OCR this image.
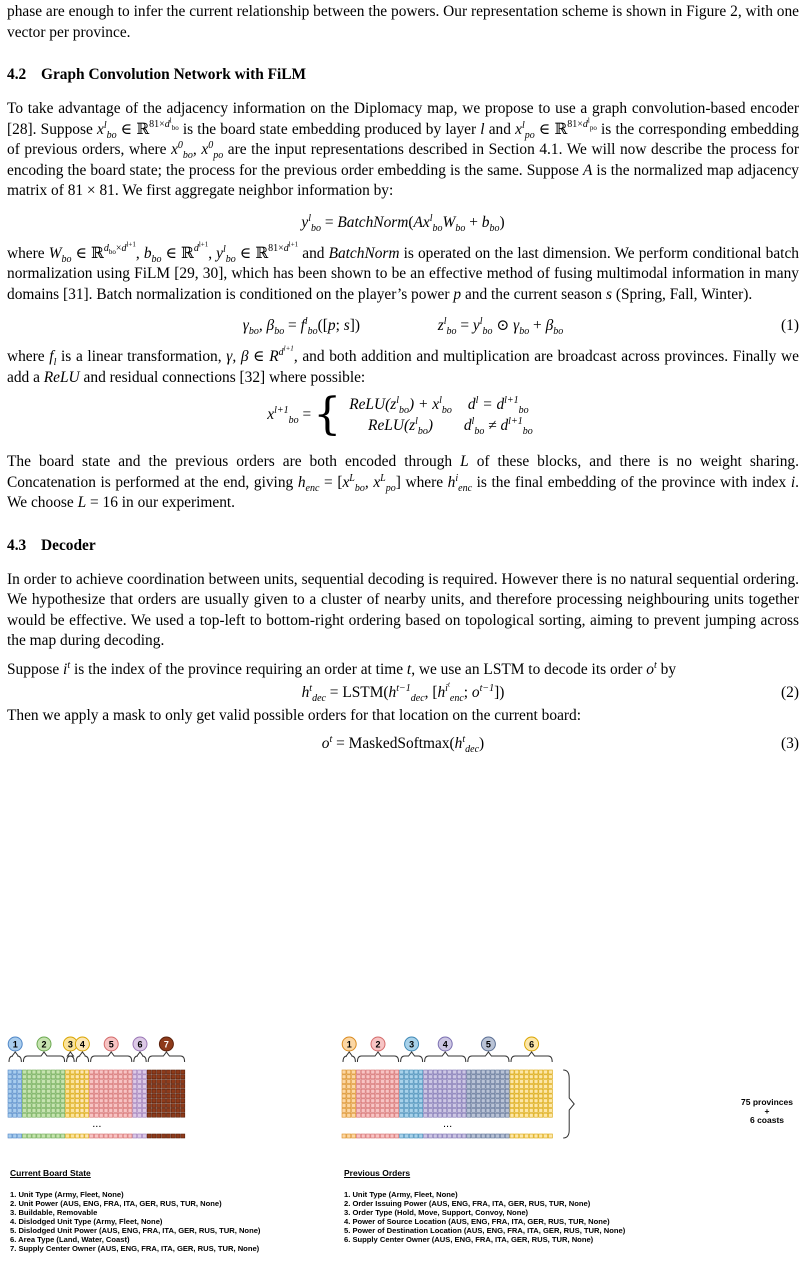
phase are enough to infer the current relationship between the powers. Our representation scheme is shown in Figure 2, with one vector per province.

4.2 Graph Convolution Network with FiLM

To take advantage of the adjacency information on the Diplomacy map, we propose to use a graph convolution-based encoder [28]. Suppose $x^l_{bo}$ ∈ ℝ$^{81\times d^l_{bo}}$ is the board state embedding produced by layer l and $x^l_{po}$ ∈ ℝ$^{81\times d^l_{po}}$ is the corresponding embedding of previous orders, where $x^0_{bo}$, $x^0_{po}$ are the input representations described in Section 4.1. We will now describe the process for encoding the board state; the process for the previous order embedding is the same. Suppose A is the normalized map adjacency matrix of 81 × 81. We first aggregate neighbor information by:

$y^l_{bo}$ = $BatchNorm(Ax^l_{bo}W_{bo} + b_{bo})$

where $W_{bo}$ ∈ ℝ$^{d_{bo}\times d^{l+1}}$, $b_{bo}$ ∈ ℝ$^{d^{l+1}}$, $y^l_{bo}$ ∈ ℝ$^{81\times d^{l+1}}$ and BatchNorm is operated on the last dimension. We perform conditional batch normalization using FiLM [29, 30], which has been shown to be an effective method of fusing multimodal information in many domains [31]. Batch normalization is conditioned on the player’s power p and the current season s (Spring, Fall, Winter).

$\gamma_{bo}$, $\beta_{bo} = f^l_{bo}([p$; s])	$z^l_{bo} = y^l_{bo}$ ⊙ $\gamma_{bo} + \beta_{bo}$	(1)

where $f_l$ is a linear transformation, γ, β ∈ $R^{d^{l+1}}$, and both addition and multiplication are broadcast across provinces. Finally we add a ReLU and residual connections [32] where possible:

$x^{l+1}_{bo}$ = { $ReLU(z^l_{bo}) + x^l_{bo}$	$d^l = d^{l+1}_{bo}$
$ReLU(z^l_{bo})$	$d^l_{bo} \ne d^{l+1}_{bo}$

The board state and the previous orders are both encoded through L of these blocks, and there is no weight sharing. Concatenation is performed at the end, giving $h_{enc} = [x^L_{bo}$, $x^L_{po}$] where $h^i_{enc}$ is the final embedding of the province with index i. We choose L = 16 in our experiment.

4.3 Decoder

In order to achieve coordination between units, sequential decoding is required. However there is no natural sequential ordering. We hypothesize that orders are usually given to a cluster of nearby units, and therefore processing neighbouring units together would be effective. We used a top-left to bottom-right ordering based on topological sorting, aiming to prevent jumping across the map during decoding.

Suppose $i^t$ is the index of the province requiring an order at time t, we use an LSTM to decode its order $o^t$ by

$h^t_{dec}$ = $LSTM(h^{t-1}_{dec}$, [$h^{i^t}_{enc}$; $o^{t-1}$])	(2)

Then we apply a mask to only get valid possible orders for that location on the current board:

$o^t$ = $MaskedSoftmax(h^t_{dec})$	(3)
1	2 3 4	5	6 7	1	2	3	4	5	6
...	...
75 provinces
+
6 coasts
Current Board State
1. Unit Type (Army, Fleet, None)
2. Unit Power (AUS, ENG, FRA, ITA, GER, RUS, TUR, None)
3. Buildable, Removable
4. Dislodged Unit Type (Army, Fleet, None)
5. Dislodged Unit Power (AUS, ENG, FRA, ITA, GER, RUS, TUR, None)
6. Area Type (Land, Water, Coast)
7. Supply Center Owner (AUS, ENG, FRA, ITA, GER, RUS, TUR, None)
Previous Orders
1. Unit Type (Army, Fleet, None)
2. Order Issuing Power (AUS, ENG, FRA, ITA, GER, RUS, TUR, None)
3. Order Type (Hold, Move, Support, Convoy, None)
4. Power of Source Location (AUS, ENG, FRA, ITA, GER, RUS, TUR, None)
5. Power of Destination Location (AUS, ENG, FRA, ITA, GER, RUS, TUR, None)
6. Supply Center Owner (AUS, ENG, FRA, ITA, GER, RUS, TUR, None)
